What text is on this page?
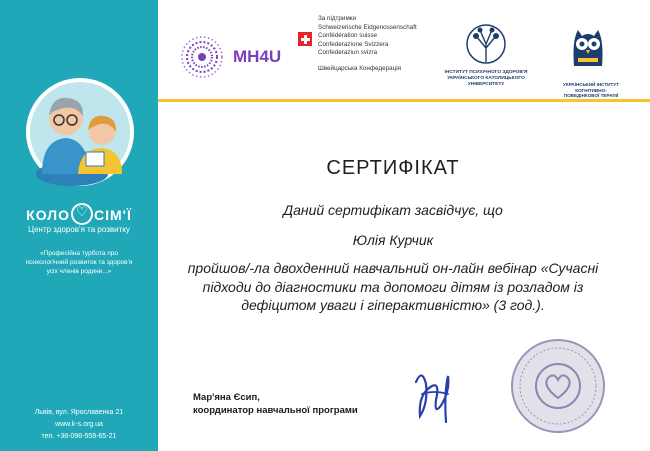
КОЛО♡ СІМ'Ї
Центр здоров'я та розвитку
«Професійна турбота про психологічний розвиток та здоров'я усіх членів родини...»
Львів, вул. Ярославенка 21
www.k-s.org.ua
тел. +38-098-559-65-21
MH4U
За підтримки
Schweizerische Eidgenossenschaft
Confédération suisse
Confederazione Svizzera
Confederaziun svizra
Швейцарська Конфедерація
ІНСТИТУТ ПСИХІЧНОГО ЗДОРОВ'Я УКРАЇНСЬКОГО КАТОЛИЦЬКОГО УНІВЕРСИТЕТУ	УКРАЇНСЬКИЙ ІНСТИТУТ КОГНІТИВНО-ПОВЕДІНКОВОЇ ТЕРАПІЇ
СЕРТИФІКАТ
Даний сертифікат засвідчує, що
Юлія Курчик
пройшов/-ла двохденний навчальний он-лайн вебінар «Сучасні підходи до діагностики та допомоги дітям із розладом із дефіцитом уваги і гіперактивністю» (3 год.).
Мар'яна Єсип,
координатор навчальної програми
